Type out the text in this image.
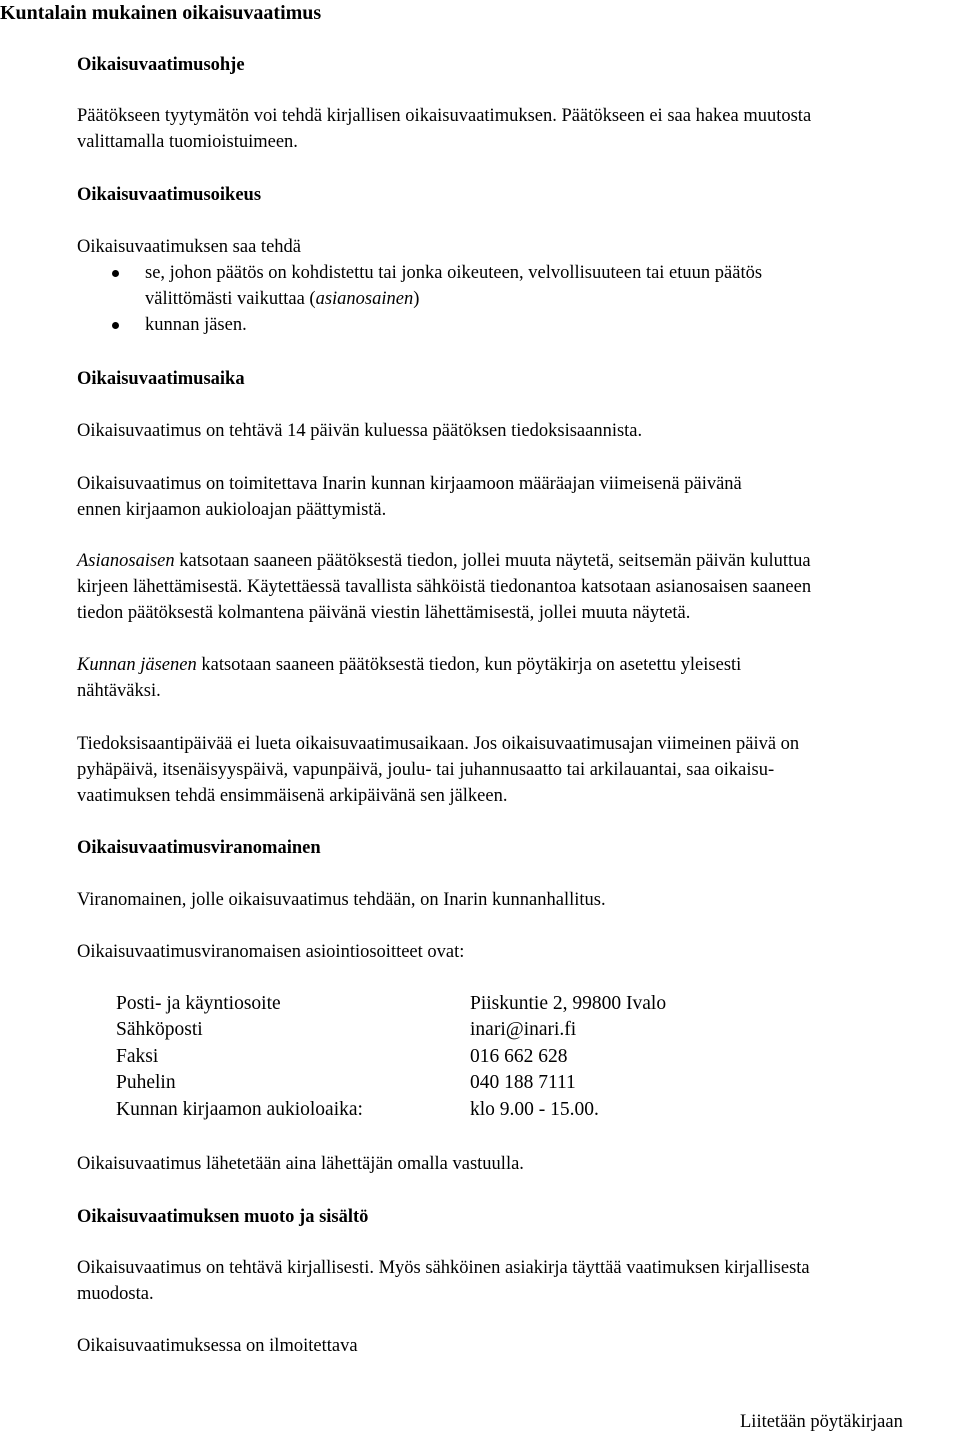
Kuntalain mukainen oikaisuvaatimus
Oikaisuvaatimusohje

Päätökseen tyytymätön voi tehdä kirjallisen oikaisuvaatimuksen. Päätökseen ei saa hakea muutosta
valittamalla tuomioistuimeen.

Oikaisuvaatimusoikeus

Oikaisuvaatimuksen saa tehdä

se, johon päätös on kohdistettu tai jonka oikeuteen, velvollisuuteen tai etuun päätös
välittömästi vaikuttaa (asianosainen)
kunnan jäsen.
Oikaisuvaatimusaika

Oikaisuvaatimus on tehtävä 14 päivän kuluessa päätöksen tiedoksisaannista.

Oikaisuvaatimus on toimitettava Inarin kunnan kirjaamoon määräajan viimeisenä päivänä
ennen kirjaamon aukioloajan päättymistä.

Asianosaisen katsotaan saaneen päätöksestä tiedon, jollei muuta näytetä, seitsemän päivän kuluttua
kirjeen lähettämisestä. Käytettäessä tavallista sähköistä tiedonantoa katsotaan asianosaisen saaneen
tiedon päätöksestä kolmantena päivänä viestin lähettämisestä, jollei muuta näytetä.

Kunnan jäsenen katsotaan saaneen päätöksestä tiedon, kun pöytäkirja on asetettu yleisesti
nähtäväksi.

Tiedoksisaantipäivää ei lueta oikaisuvaatimusaikaan. Jos oikaisuvaatimusajan viimeinen päivä on
pyhäpäivä, itsenäisyyspäivä, vapunpäivä, joulu- tai juhannusaatto tai arkilauantai, saa oikaisu-
vaatimuksen tehdä ensimmäisenä arkipäivänä sen jälkeen.

Oikaisuvaatimusviranomainen

Viranomainen, jolle oikaisuvaatimus tehdään, on Inarin kunnanhallitus.

Oikaisuvaatimusviranomaisen asiointiosoitteet ovat:

Posti- ja käyntiosoite	Piiskuntie 2, 99800 Ivalo
Sähköposti	inari@inari.fi
Faksi	016 662 628
Puhelin	040 188 7111
Kunnan kirjaamon aukioloaika:	klo 9.00 - 15.00.

Oikaisuvaatimus lähetetään aina lähettäjän omalla vastuulla.

Oikaisuvaatimuksen muoto ja sisältö

Oikaisuvaatimus on tehtävä kirjallisesti. Myös sähköinen asiakirja täyttää vaatimuksen kirjallisesta
muodosta.

Oikaisuvaatimuksessa on ilmoitettava

Liitetään pöytäkirjaan
